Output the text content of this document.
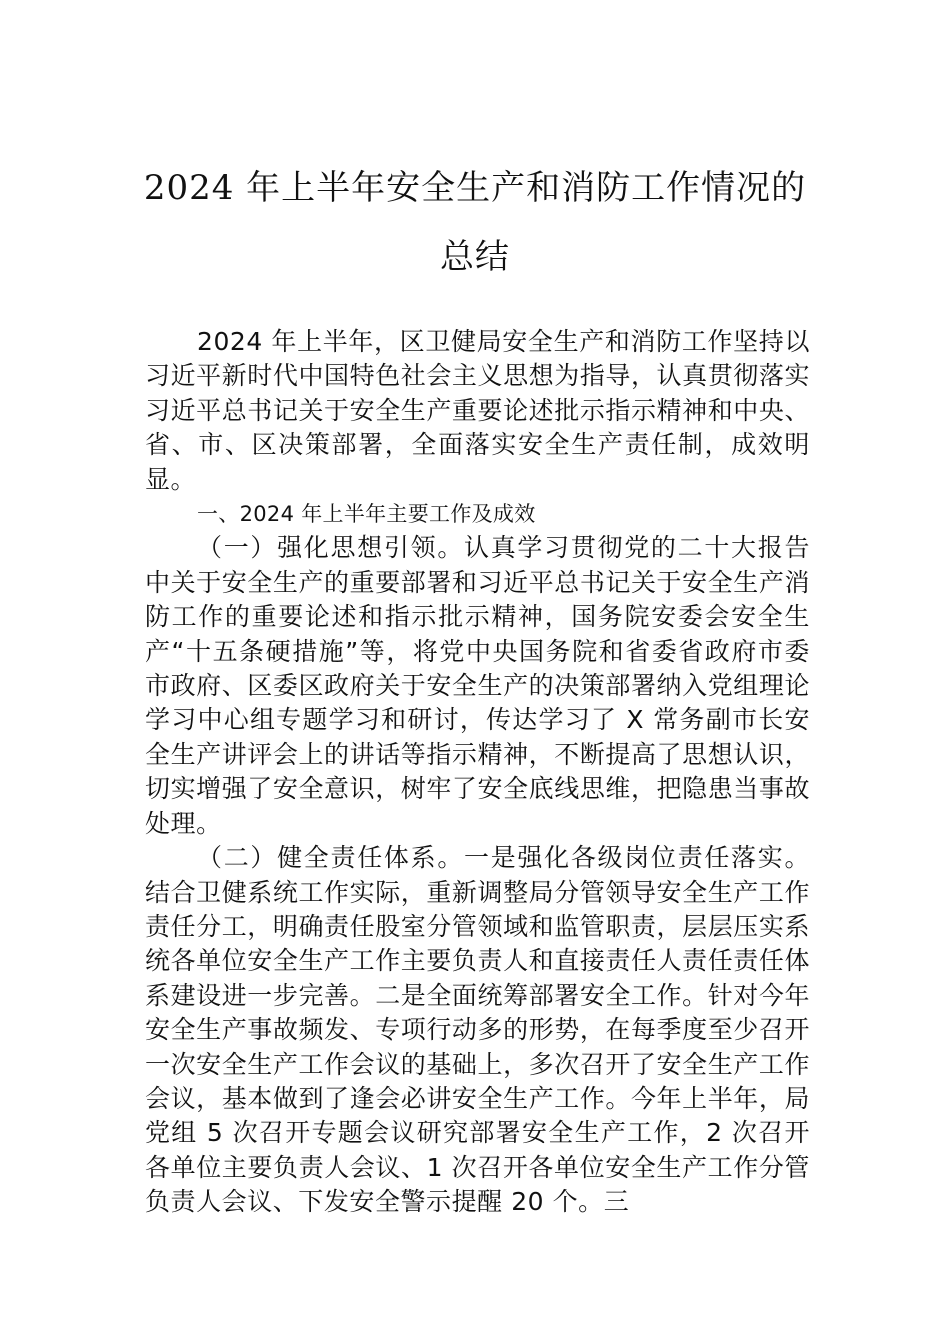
2024 年上半年安全生产和消防工作情况的
总结

2024 年上半年，区卫健局安全生产和消防工作坚持以习近平新时代中国特色社会主义思想为指导，认真贯彻落实习近平总书记关于安全生产重要论述批示指示精神和中央、省、市、区决策部署，全面落实安全生产责任制，成效明显。

一、2024 年上半年主要工作及成效

（一）强化思想引领。认真学习贯彻党的二十大报告中关于安全生产的重要部署和习近平总书记关于安全生产消防工作的重要论述和指示批示精神，国务院安委会安全生产“十五条硬措施”等，将党中央国务院和省委省政府市委市政府、区委区政府关于安全生产的决策部署纳入党组理论学习中心组专题学习和研讨，传达学习了 X 常务副市长安全生产讲评会上的讲话等指示精神，不断提高了思想认识，切实增强了安全意识，树牢了安全底线思维，把隐患当事故处理。

（二）健全责任体系。一是强化各级岗位责任落实。结合卫健系统工作实际，重新调整局分管领导安全生产工作责任分工，明确责任股室分管领域和监管职责，层层压实系统各单位安全生产工作主要负责人和直接责任人责任责任体系建设进一步完善。二是全面统筹部署安全工作。针对今年安全生产事故频发、专项行动多的形势，在每季度至少召开一次安全生产工作会议的基础上，多次召开了安全生产工作会议，基本做到了逢会必讲安全生产工作。今年上半年，局党组 5 次召开专题会议研究部署安全生产工作，2 次召开各单位主要负责人会议、1 次召开各单位安全生产工作分管负责人会议、下发安全警示提醒 20 个。三
